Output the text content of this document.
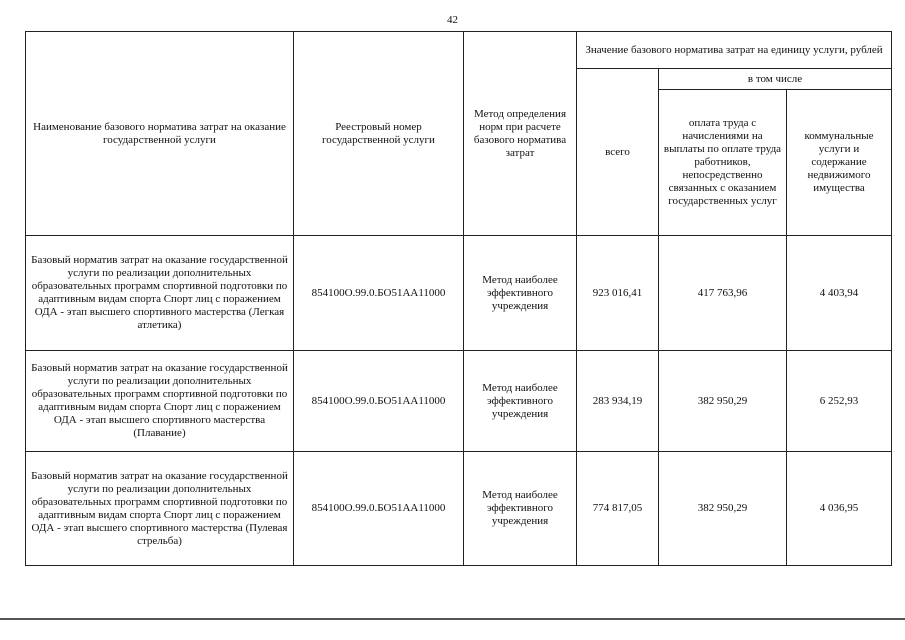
42
Наименование базового норматива затрат на оказание государственной услуги	Реестровый номер государственной услуги	Метод определения норм при расчете базового норматива затрат	Значение базового норматива затрат на единицу услуги, рублей		
			всего	в том числе	
				оплата труда с начислениями на выплаты по оплате труда работников, непосредственно связанных с оказанием государственных услуг	коммунальные услуги и содержание недвижимого имущества
Базовый норматив затрат на оказание государственной услуги по реализации дополнительных образовательных программ спортивной подготовки по адаптивным видам спорта Спорт лиц с поражением ОДА - этап высшего спортивного мастерства (Легкая атлетика)	854100О.99.0.БО51АА11000	Метод наиболее эффективного учреждения	923 016,41	417 763,96	4 403,94
Базовый норматив затрат на оказание государственной услуги по реализации дополнительных образовательных программ спортивной подготовки по адаптивным видам спорта Спорт лиц с поражением ОДА - этап высшего спортивного мастерства (Плавание)	854100О.99.0.БО51АА11000	Метод наиболее эффективного учреждения	283 934,19	382 950,29	6 252,93
Базовый норматив затрат на оказание государственной услуги по реализации дополнительных образовательных программ спортивной подготовки по адаптивным видам спорта Спорт лиц с поражением ОДА - этап высшего спортивного мастерства (Пулевая стрельба)	854100О.99.0.БО51АА11000	Метод наиболее эффективного учреждения	774 817,05	382 950,29	4 036,95
